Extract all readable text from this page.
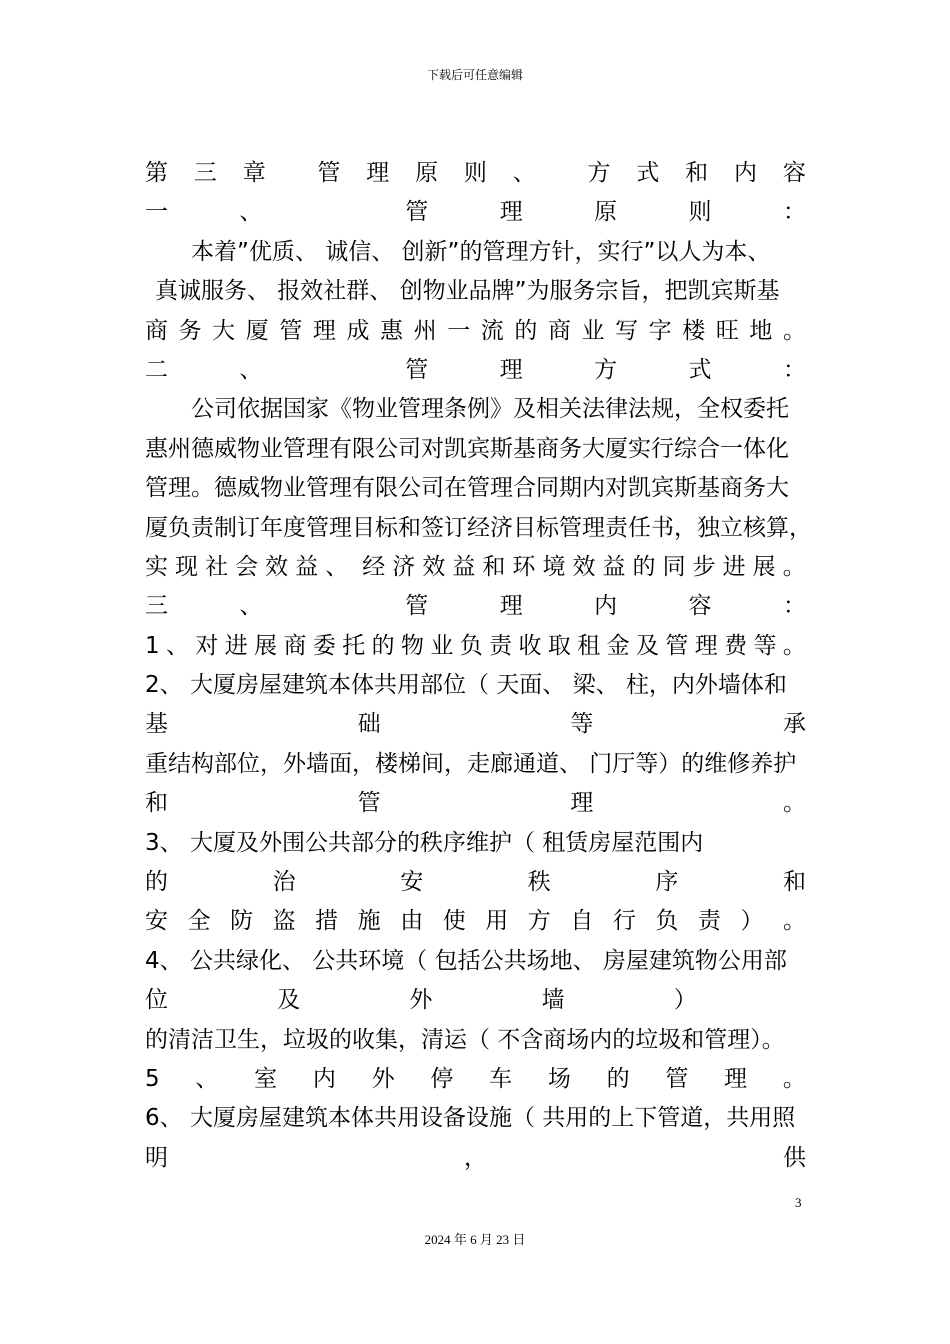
下载后可任意编辑
第 三 章 管 理 原 则 、 方 式 和 内 容
一	、	管	理	原	则	：
本着”优质、 诚信、 创新”的管理方针，实行”以人为本、
真诚服务、 报效社群、 创物业品牌”为服务宗旨，把凯宾斯基
商 务 大 厦 管 理 成 惠 州 一 流 的 商 业 写 字 楼 旺 地 。
二	、	管	理	方	式	：
公司依据国家《物业管理条例》及相关法律法规，全权委托
惠州德威物业管理有限公司对凯宾斯基商务大厦实行综合一体化
管理。德威物业管理有限公司在管理合同期内对凯宾斯基商务大
厦负责制订年度管理目标和签订经济目标管理责任书，独立核算，
实 现 社 会 效 益 、 经 济 效 益 和 环 境 效 益 的 同 步 进 展 。
三	、	管	理	内	容	：
1 、 对 进 展 商 委 托 的 物 业 负 责 收 取 租 金 及 管 理 费 等 。
2、 大厦房屋建筑本体共用部位（ 天面、 梁、 柱，内外墙体和
基	础	等	承
重结构部位，外墙面，楼梯间，走廊通道、 门厅等）的维修养护
和	管	理	。
3、 大厦及外围公共部分的秩序维护（ 租赁房屋范围内
的	治	安	秩	序	和
安 全 防 盗 措 施 由 使 用 方 自 行 负 责 ） 。
4、 公共绿化、 公共环境（ 包括公共场地、 房屋建筑物公用部
位	及	外	墙	）
的清洁卫生，垃圾的收集，清运（ 不含商场内的垃圾和管理）。
5 、 室 内 外 停 车 场 的 管 理 。
6、 大厦房屋建筑本体共用设备设施（ 共用的上下管道，共用照
明	，	供
3
2024 年 6 月 23 日
